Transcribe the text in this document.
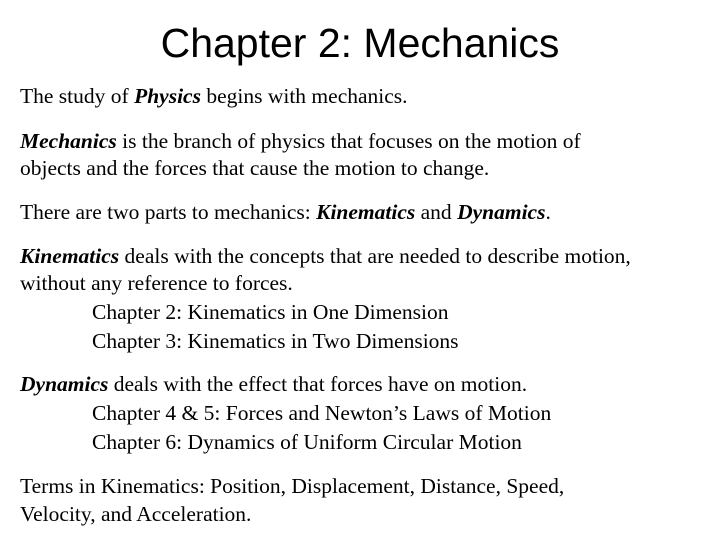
Chapter 2: Mechanics
The study of Physics begins with mechanics.
Mechanics is the branch of physics that focuses on the motion of
objects and the forces that cause the motion to change.
There are two parts to mechanics: Kinematics and Dynamics.
Kinematics deals with the concepts that are needed to describe motion,
without any reference to forces.
Chapter 2: Kinematics in One Dimension
Chapter 3: Kinematics in Two Dimensions
Dynamics deals with the effect that forces have on motion.
Chapter 4 & 5: Forces and Newton’s Laws of Motion
Chapter 6: Dynamics of Uniform Circular Motion
Terms in Kinematics: Position, Displacement, Distance, Speed,
Velocity, and Acceleration.
